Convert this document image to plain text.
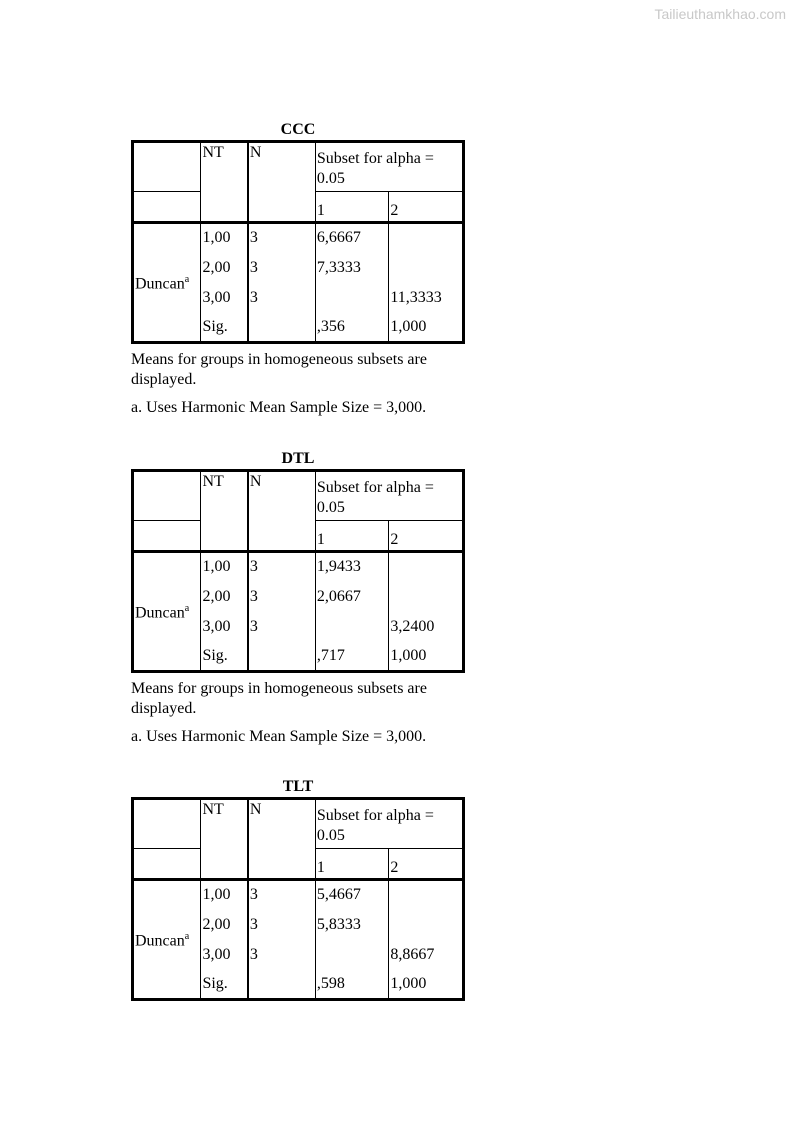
Tailieuthamkhao.com
CCC
	NT	N	Subset for alpha = 0.05	
			1	2
Duncan$^a$	1,00	3	6,6667	
	2,00	3	7,3333	
	3,00	3		11,3333
	Sig.		,356	1,000
Means for groups in homogeneous subsets are displayed.
a. Uses Harmonic Mean Sample Size = 3,000.
DTL
	NT	N	Subset for alpha = 0.05	
			1	2
Duncan$^a$	1,00	3	1,9433	
	2,00	3	2,0667	
	3,00	3		3,2400
	Sig.		,717	1,000
Means for groups in homogeneous subsets are displayed.
a. Uses Harmonic Mean Sample Size = 3,000.
TLT
	NT	N	Subset for alpha = 0.05	
			1	2
Duncan$^a$	1,00	3	5,4667	
	2,00	3	5,8333	
	3,00	3		8,8667
	Sig.		,598	1,000
